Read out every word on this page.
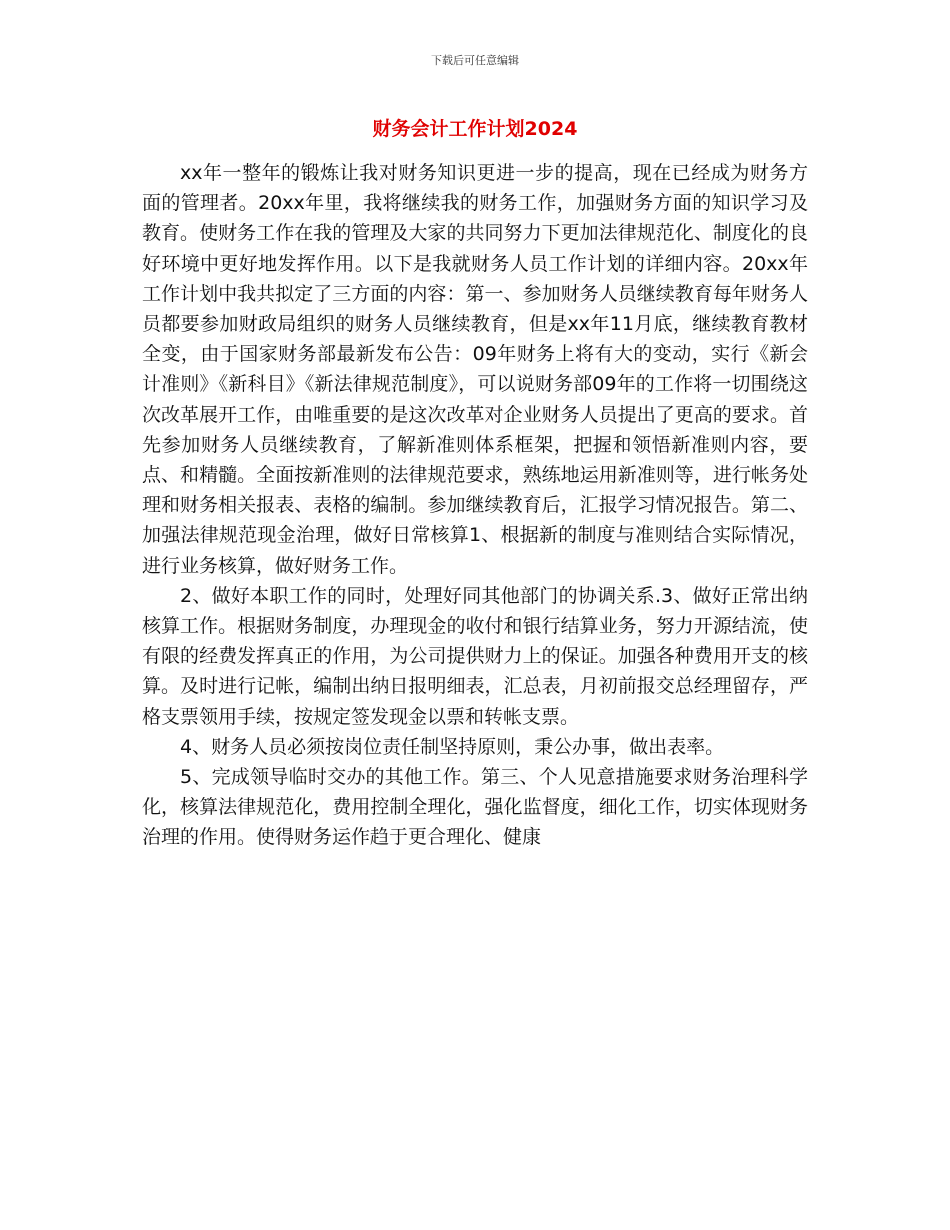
下载后可任意编辑
财务会计工作计划2024

xx年一整年的锻炼让我对财务知识更进一步的提高，现在已经成为财务方面的管理者。20xx年里，我将继续我的财务工作，加强财务方面的知识学习及教育。使财务工作在我的管理及大家的共同努力下更加法律规范化、制度化的良好环境中更好地发挥作用。以下是我就财务人员工作计划的详细内容。20xx年工作计划中我共拟定了三方面的内容：第一、参加财务人员继续教育每年财务人员都要参加财政局组织的财务人员继续教育，但是xx年11月底，继续教育教材全变，由于国家财务部最新发布公告：09年财务上将有大的变动，实行《新会计准则》《新科目》《新法律规范制度》，可以说财务部09年的工作将一切围绕这次改革展开工作，由唯重要的是这次改革对企业财务人员提出了更高的要求。首先参加财务人员继续教育，了解新准则体系框架，把握和领悟新准则内容，要点、和精髓。全面按新准则的法律规范要求，熟练地运用新准则等，进行帐务处理和财务相关报表、表格的编制。参加继续教育后，汇报学习情况报告。第二、加强法律规范现金治理，做好日常核算1、根据新的制度与准则结合实际情况，进行业务核算，做好财务工作。

2、做好本职工作的同时，处理好同其他部门的协调关系.3、做好正常出纳核算工作。根据财务制度，办理现金的收付和银行结算业务，努力开源结流，使有限的经费发挥真正的作用，为公司提供财力上的保证。加强各种费用开支的核算。及时进行记帐，编制出纳日报明细表，汇总表，月初前报交总经理留存，严格支票领用手续，按规定签发现金以票和转帐支票。

4、财务人员必须按岗位责任制坚持原则，秉公办事，做出表率。

5、完成领导临时交办的其他工作。第三、个人见意措施要求财务治理科学化，核算法律规范化，费用控制全理化，强化监督度，细化工作，切实体现财务治理的作用。使得财务运作趋于更合理化、健康
